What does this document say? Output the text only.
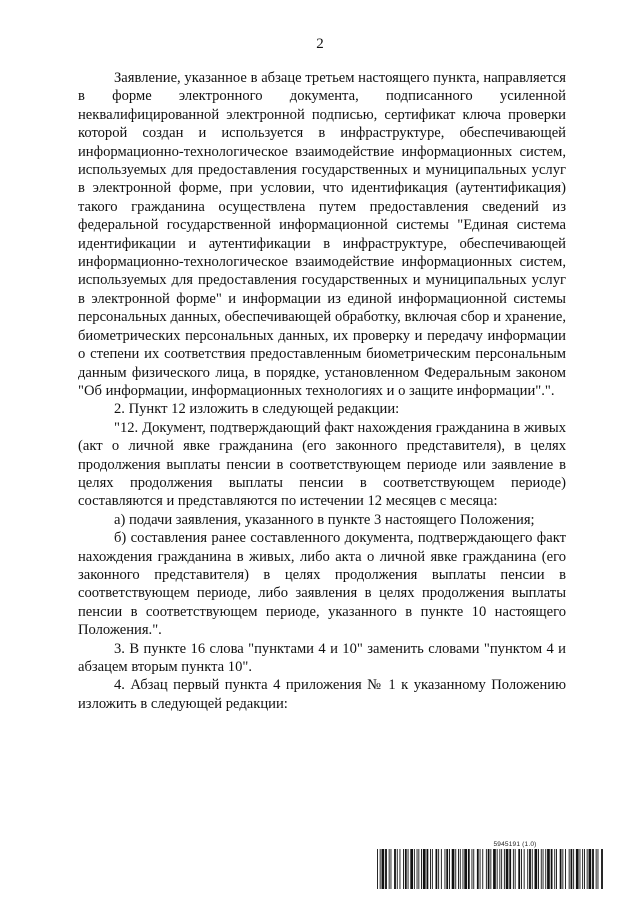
2

Заявление, указанное в абзаце третьем настоящего пункта, направляется в форме электронного документа, подписанного усиленной неквалифицированной электронной подписью, сертификат ключа проверки которой создан и используется в инфраструктуре, обеспечивающей информационно-технологическое взаимодействие информационных систем, используемых для предоставления государственных и муниципальных услуг в электронной форме, при условии, что идентификация (аутентификация) такого гражданина осуществлена путем предоставления сведений из федеральной государственной информационной системы "Единая система идентификации и аутентификации в инфраструктуре, обеспечивающей информационно-технологическое взаимодействие информационных систем, используемых для предоставления государственных и муниципальных услуг в электронной форме" и информации из единой информационной системы персональных данных, обеспечивающей обработку, включая сбор и хранение, биометрических персональных данных, их проверку и передачу информации о степени их соответствия предоставленным биометрическим персональным данным физического лица, в порядке, установленном Федеральным законом "Об информации, информационных технологиях и о защите информации".".

2. Пункт 12 изложить в следующей редакции:

"12. Документ, подтверждающий факт нахождения гражданина в живых (акт о личной явке гражданина (его законного представителя), в целях продолжения выплаты пенсии в соответствующем периоде или заявление в целях продолжения выплаты пенсии в соответствующем периоде) составляются и представляются по истечении 12 месяцев с месяца:

а) подачи заявления, указанного в пункте 3 настоящего Положения;

б) составления ранее составленного документа, подтверждающего факт нахождения гражданина в живых, либо акта о личной явке гражданина (его законного представителя) в целях продолжения выплаты пенсии в соответствующем периоде, либо заявления в целях продолжения выплаты пенсии в соответствующем периоде, указанного в пункте 10 настоящего Положения.".

3. В пункте 16 слова "пунктами 4 и 10" заменить словами "пунктом 4 и абзацем вторым пункта 10".

4. Абзац первый пункта 4 приложения № 1 к указанному Положению изложить в следующей редакции:

5945191 (1.0)
